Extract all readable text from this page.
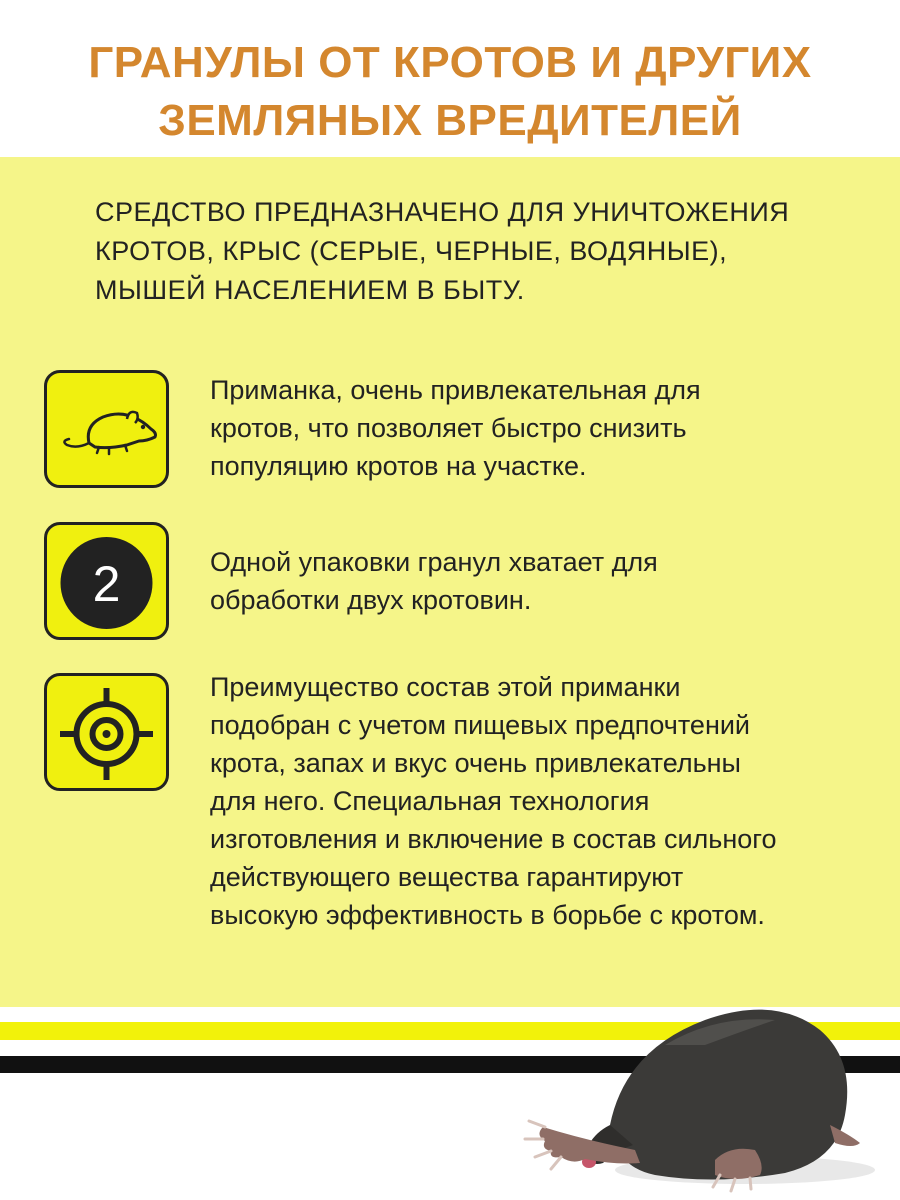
ГРАНУЛЫ ОТ КРОТОВ И ДРУГИХ
ЗЕМЛЯНЫХ ВРЕДИТЕЛЕЙ
СРЕДСТВО ПРЕДНАЗНАЧЕНО ДЛЯ УНИЧТОЖЕНИЯ
КРОТОВ, КРЫС (СЕРЫЕ, ЧЕРНЫЕ, ВОДЯНЫЕ),
МЫШЕЙ НАСЕЛЕНИЕМ В БЫТУ.
Приманка, очень привлекательная для
кротов, что позволяет быстро снизить
популяцию кротов на участке.
2	Одной упаковки гранул хватает для
обработки двух кротовин.
Преимущество состав этой приманки
подобран с учетом пищевых предпочтений
крота, запах и вкус очень привлекательны
для него. Специальная технология
изготовления и включение в состав сильного
действующего вещества гарантируют
высокую эффективность в борьбе с кротом.
